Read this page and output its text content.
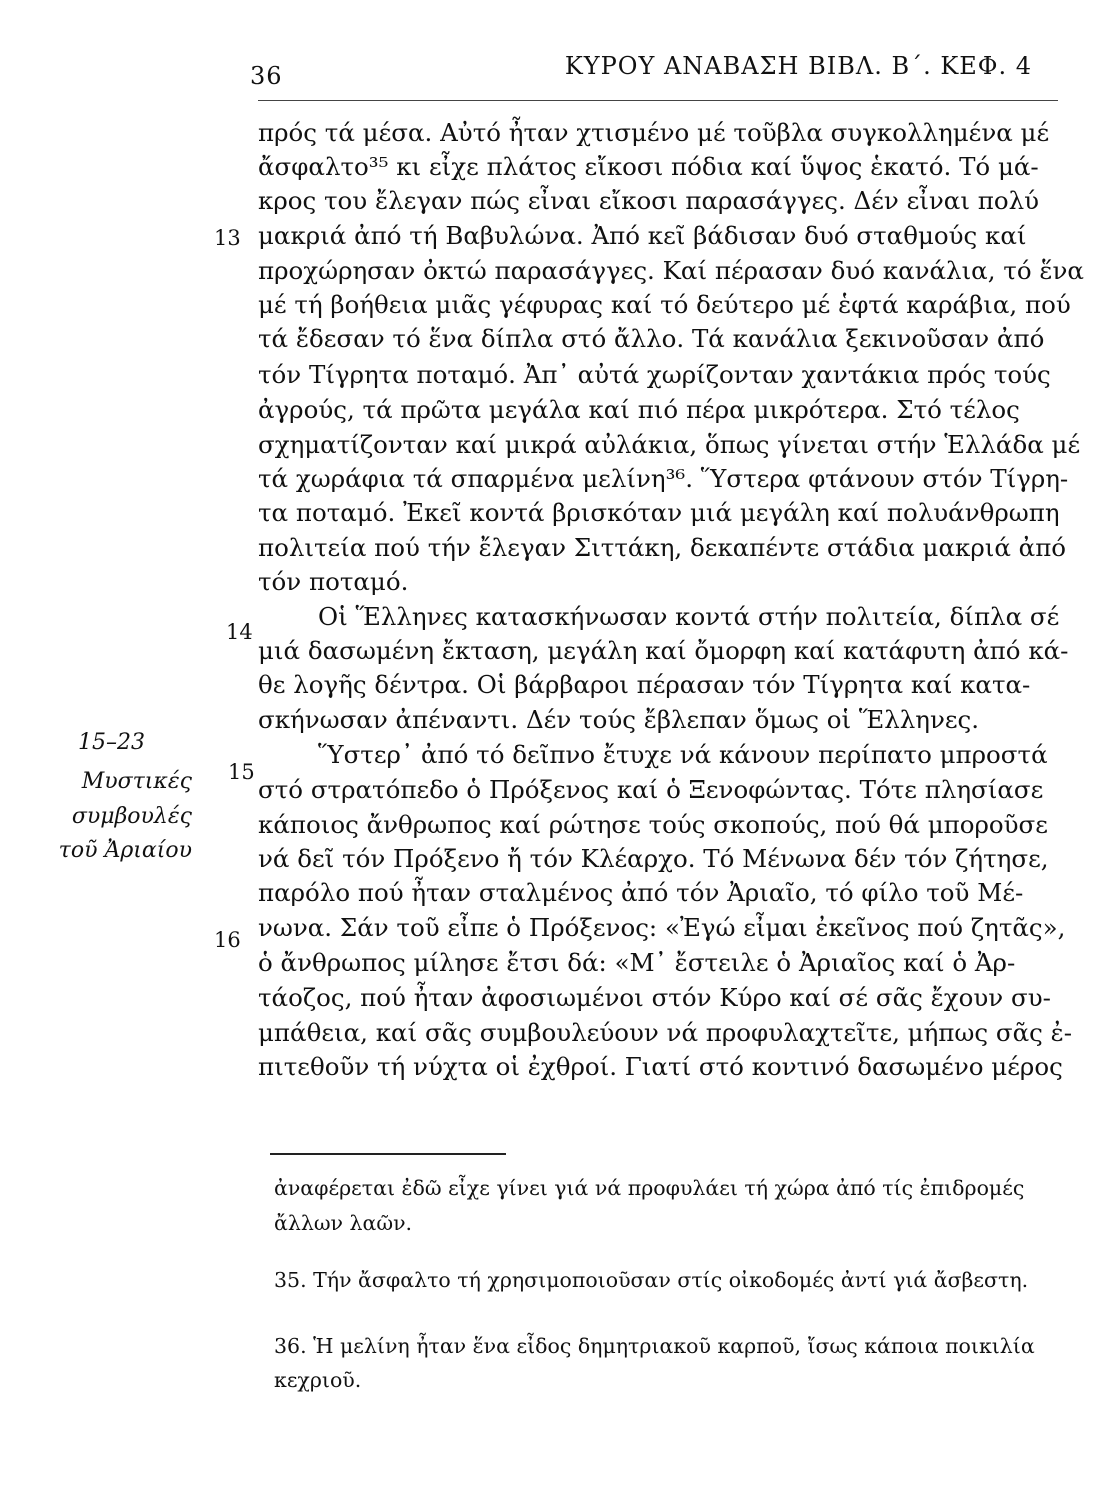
36	ΚΥΡΟΥ ΑΝΑΒΑΣΗ ΒΙΒΛ. Β΄. ΚΕΦ. 4
πρός τά μέσα. Αὐτό ἦταν χτισμένο μέ τοῦβλα συγκολλημένα μέ
ἄσφαλτο³⁵ κι εἶχε πλάτος εἴκοσι πόδια καί ὕψος ἑκατό. Τό μά-
κρος του ἔλεγαν πώς εἶναι εἴκοσι παρασάγγες. Δέν εἶναι πολύ
μακριά ἀπό τή Βαβυλώνα. Ἀπό κεῖ βάδισαν δυό σταθμούς καί
προχώρησαν ὀκτώ παρασάγγες. Καί πέρασαν δυό κανάλια, τό ἕνα
μέ τή βοήθεια μιᾶς γέφυρας καί τό δεύτερο μέ ἑφτά καράβια, πού
τά ἔδεσαν τό ἕνα δίπλα στό ἄλλο. Τά κανάλια ξεκινοῦσαν ἀπό
τόν Τίγρητα ποταμό. Ἀπ᾽ αὐτά χωρίζονταν χαντάκια πρός τούς
ἀγρούς, τά πρῶτα μεγάλα καί πιό πέρα μικρότερα. Στό τέλος
σχηματίζονταν καί μικρά αὐλάκια, ὅπως γίνεται στήν Ἑλλάδα μέ
τά χωράφια τά σπαρμένα μελίνη³⁶. Ὕστερα φτάνουν στόν Τίγρη-
τα ποταμό. Ἐκεῖ κοντά βρισκόταν μιά μεγάλη καί πολυάνθρωπη
πολιτεία πού τήν ἔλεγαν Σιττάκη, δεκαπέντε στάδια μακριά ἀπό
τόν ποταμό.
Οἱ Ἕλληνες κατασκήνωσαν κοντά στήν πολιτεία, δίπλα σέ
μιά δασωμένη ἔκταση, μεγάλη καί ὄμορφη καί κατάφυτη ἀπό κά-
θε λογῆς δέντρα. Οἱ βάρβαροι πέρασαν τόν Τίγρητα καί κατα-
σκήνωσαν ἀπέναντι. Δέν τούς ἔβλεπαν ὅμως οἱ Ἕλληνες.
Ὕστερ᾽ ἀπό τό δεῖπνο ἔτυχε νά κάνουν περίπατο μπροστά
στό στρατόπεδο ὁ Πρόξενος καί ὁ Ξενοφώντας. Τότε πλησίασε
κάποιος ἄνθρωπος καί ρώτησε τούς σκοπούς, πού θά μποροῦσε
νά δεῖ τόν Πρόξενο ἤ τόν Κλέαρχο. Τό Μένωνα δέν τόν ζήτησε,
παρόλο πού ἦταν σταλμένος ἀπό τόν Ἀριαῖο, τό φίλο τοῦ Μέ-
νωνα. Σάν τοῦ εἶπε ὁ Πρόξενος: «Ἐγώ εἶμαι ἐκεῖνος πού ζητᾶς»,
ὁ ἄνθρωπος μίλησε ἔτσι δά: «Μ᾽ ἔστειλε ὁ Ἀριαῖος καί ὁ Ἀρ-
τάοζος, πού ἦταν ἀφοσιωμένοι στόν Κύρο καί σέ σᾶς ἔχουν συ-
μπάθεια, καί σᾶς συμβουλεύουν νά προφυλαχτεῖτε, μήπως σᾶς ἐ-
πιτεθοῦν τή νύχτα οἱ ἐχθροί. Γιατί στό κοντινό δασωμένο μέρος
13
14
15
16
15–23
Μυστικές
συμβουλές
τοῦ Ἀριαίου
ἀναφέρεται ἐδῶ εἶχε γίνει γιά νά προφυλάει τή χώρα ἀπό τίς ἐπιδρομές
ἄλλων λαῶν.
35. Τήν ἄσφαλτο τή χρησιμοποιοῦσαν στίς οἰκοδομές ἀντί γιά ἄσβεστη.
36. Ἡ μελίνη ἦταν ἕνα εἶδος δημητριακοῦ καρποῦ, ἴσως κάποια ποικιλία
κεχριοῦ.
